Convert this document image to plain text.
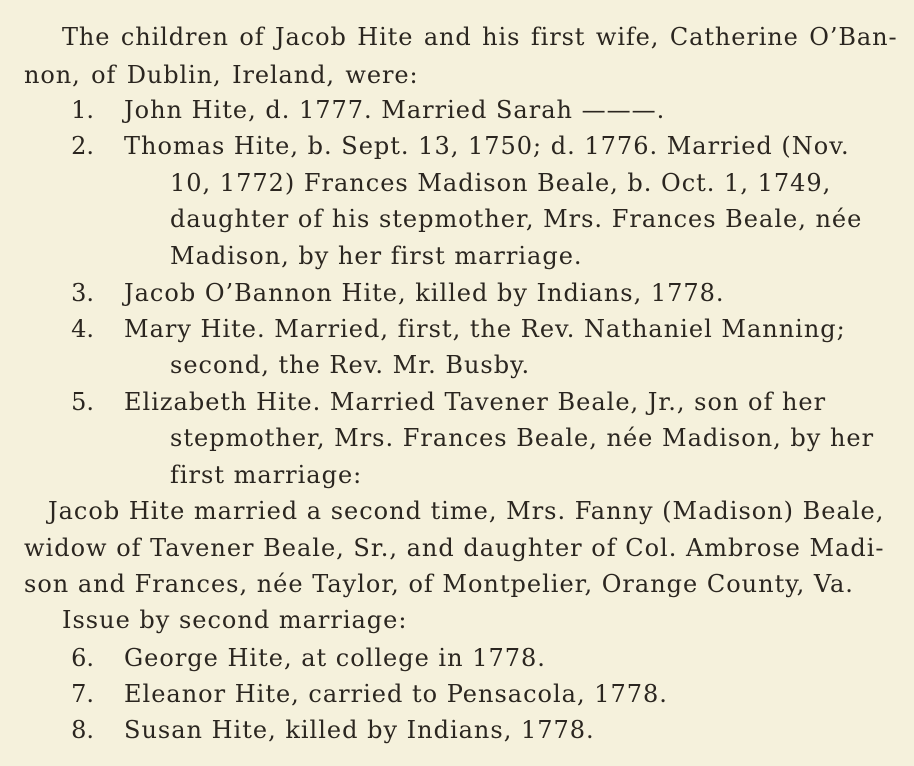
The children of Jacob Hite and his first wife, Catherine O’Ban-
non, of Dublin, Ireland, were:
1. John Hite, d. 1777. Married Sarah ———.
2. Thomas Hite, b. Sept. 13, 1750; d. 1776. Married (Nov.
10, 1772) Frances Madison Beale, b. Oct. 1, 1749,
daughter of his stepmother, Mrs. Frances Beale, née
Madison, by her first marriage.
3. Jacob O’Bannon Hite, killed by Indians, 1778.
4. Mary Hite. Married, first, the Rev. Nathaniel Manning;
second, the Rev. Mr. Busby.
5. Elizabeth Hite. Married Tavener Beale, Jr., son of her
stepmother, Mrs. Frances Beale, née Madison, by her
first marriage:
Jacob Hite married a second time, Mrs. Fanny (Madison) Beale,
widow of Tavener Beale, Sr., and daughter of Col. Ambrose Madi-
son and Frances, née Taylor, of Montpelier, Orange County, Va.
Issue by second marriage:
6. George Hite, at college in 1778.
7. Eleanor Hite, carried to Pensacola, 1778.
8. Susan Hite, killed by Indians, 1778.
